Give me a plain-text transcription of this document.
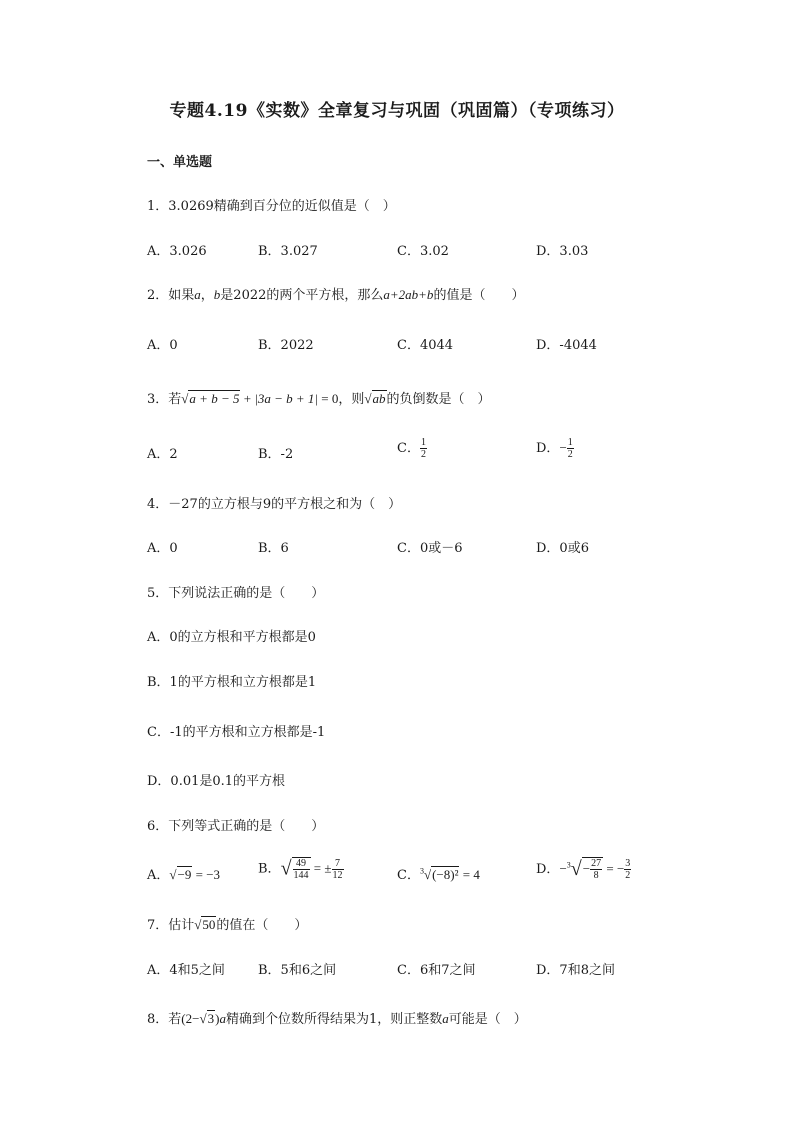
专题4.19《实数》全章复习与巩固（巩固篇）（专项练习）
一、单选题
1．3.0269精确到百分位的近似值是（　）
A．3.026	B．3.027	C．3.02	D．3.03
2．如果a，b是2022的两个平方根，那么a+2ab+b的值是（　　）
A．0	B．2022	C．4044	D．-4044
3．若√a + b − 5 + |3a − b + 1| = 0，则√ab的负倒数是（　）
A．2	B．-2	C． $\frac{1}{2}$	D．− $\frac{1}{2}$
4．－27的立方根与9的平方根之和为（　）
A．0	B．6	C．0或－6	D．0或6
5．下列说法正确的是（　　）
A．0的立方根和平方根都是0
B．1的平方根和立方根都是1
C．-1的平方根和立方根都是-1
D．0.01是0.1的平方根
6．下列等式正确的是（　　）
A．√−9 = −3	B．√ $\frac{49}{144}$ = ± $\frac{7}{12}$	C．$^3$√(−8)² = 4	D．$-^3√- \frac{27}{8}$ = − $\frac{3}{2}$
7．估计√50的值在（　　）
A．4和5之间	B．5和6之间	C．6和7之间	D．7和8之间
8．若(2−√3)a精确到个位数所得结果为1，则正整数a可能是（　）
